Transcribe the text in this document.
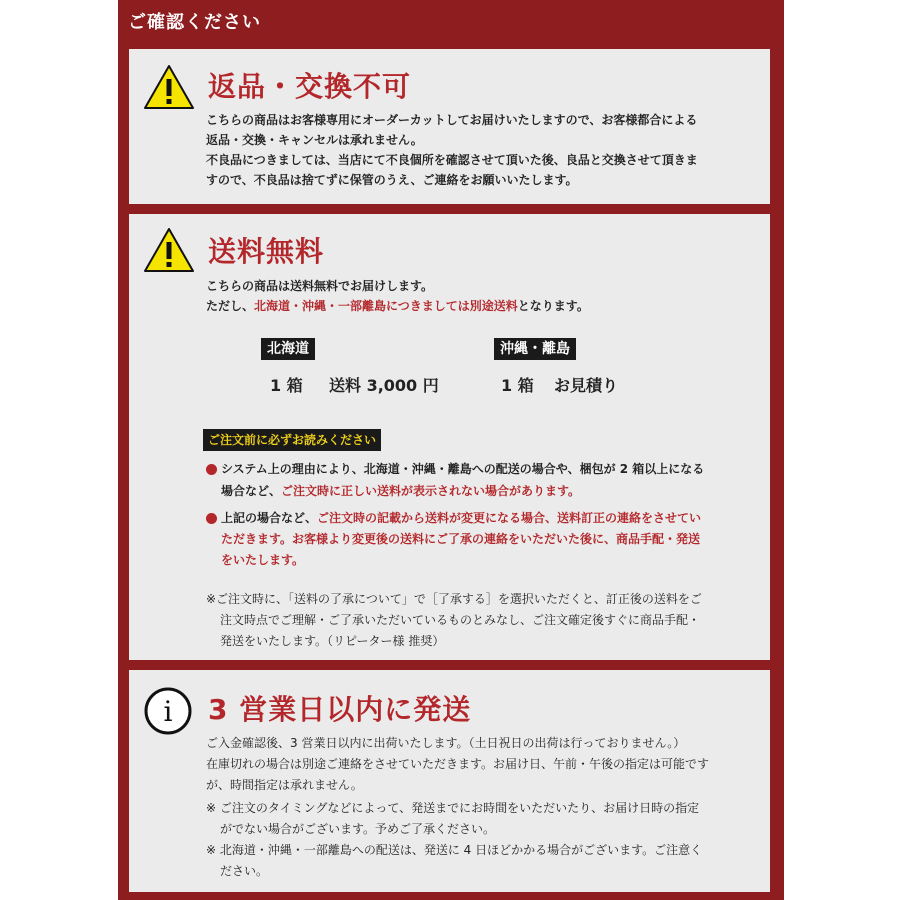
ご確認ください
返品・交換不可
こちらの商品はお客様専用にオーダーカットしてお届けいたしますので、お客様都合による
返品・交換・キャンセルは承れません。
不良品につきましては、当店にて不良個所を確認させて頂いた後、良品と交換させて頂きま
すので、不良品は捨てずに保管のうえ、ご連絡をお願いいたします。
送料無料
こちらの商品は送料無料でお届けします。
ただし、北海道・沖縄・一部離島につきましては別途送料となります。
北海道
1 箱 送料 3,000 円
沖縄・離島
1 箱 お見積り
ご注文前に必ずお読みください
システム上の理由により、北海道・沖縄・離島への配送の場合や、梱包が 2 箱以上になる
場合など、ご注文時に正しい送料が表示されない場合があります。
上記の場合など、ご注文時の記載から送料が変更になる場合、送料訂正の連絡をさせてい
ただきます。お客様より変更後の送料にご了承の連絡をいただいた後に、商品手配・発送
をいたします。
※ご注文時に、「送料の了承について」で［了承する］を選択いただくと、訂正後の送料をご
注文時点でご理解・ご了承いただいているものとみなし、ご注文確定後すぐに商品手配・
発送をいたします。（リピーター様 推奨）
i 3 営業日以内に発送
ご入金確認後、3 営業日以内に出荷いたします。（土日祝日の出荷は行っておりません。）
在庫切れの場合は別途ご連絡をさせていただきます。お届け日、午前・午後の指定は可能です
が、時間指定は承れません。
※ ご注文のタイミングなどによって、発送までにお時間をいただいたり、お届け日時の指定
がでない場合がございます。予めご了承ください。
※ 北海道・沖縄・一部離島への配送は、発送に 4 日ほどかかる場合がございます。ご注意く
ださい。
